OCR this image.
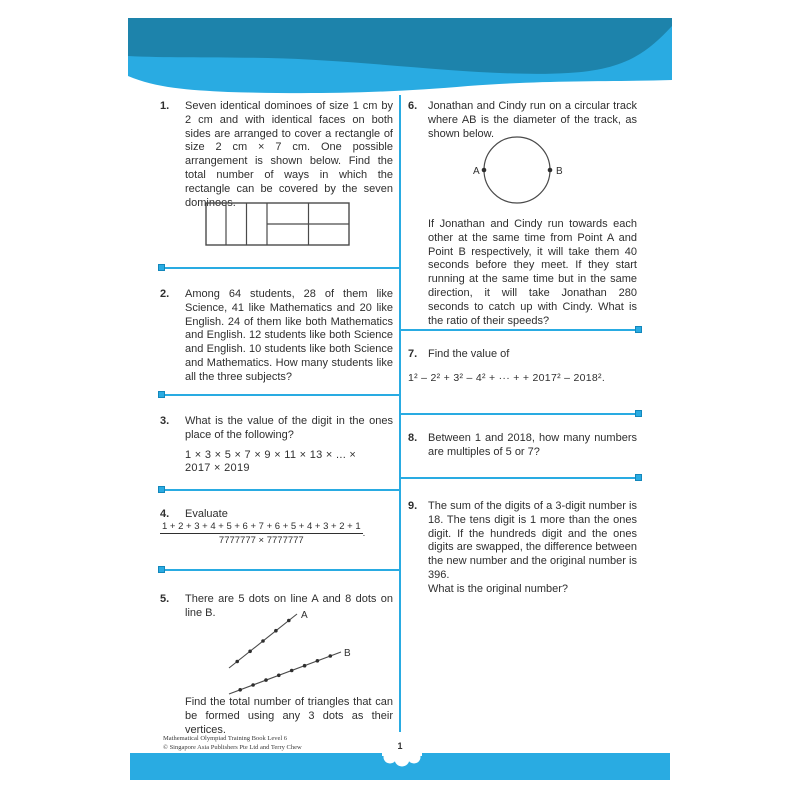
1.	Seven identical dominoes of size 1 cm by 2 cm and with identical faces on both sides are arranged to cover a rectangle of size 2 cm × 7 cm. One possible arrangement is shown below. Find the total number of ways in which the rectangle can be covered by the seven dominoes.
2.	Among 64 students, 28 of them like Science, 41 like Mathematics and 20 like English. 24 of them like both Mathematics and English. 12 students like both Science and English. 10 students like both Science and Mathematics. How many students like all the three subjects?
3.	What is the value of the digit in the ones place of the following?
1 × 3 × 5 × 7 × 9 × 11 × 13 × ... ×
2017 × 2019
4.	Evaluate
$\frac{1 + 2 + 3 + 4 + 5 + 6 + 7 + 6 + 5 + 4 + 3 + 2 + 1}{7777777 \times 7777777}$ .
5.	There are 5 dots on line A and 8 dots on line B.	A
B
Find the total number of triangles that can be formed using any 3 dots as their vertices.
6. Jonathan and Cindy run on a circular track where AB is the diameter of the track, as shown below.
A	B
If Jonathan and Cindy run towards each other at the same time from Point A and Point B respectively, it will take them 40 seconds before they meet. If they start running at the same time but in the same direction, it will take Jonathan 280 seconds to catch up with Cindy. What is the ratio of their speeds?
7. Find the value of
1² – 2² + 3² – 4² + ··· + + 2017² – 2018².
8. Between 1 and 2018, how many numbers are multiples of 5 or 7?
9. The sum of the digits of a 3-digit number is 18. The tens digit is 1 more than the ones digit. If the hundreds digit and the ones digits are swapped, the difference between the new number and the original number is 396.
What is the original number?
Mathematical Olympiad Training Book Level 6
© Singapore Asia Publishers Pte Ltd and Terry Chew	1
